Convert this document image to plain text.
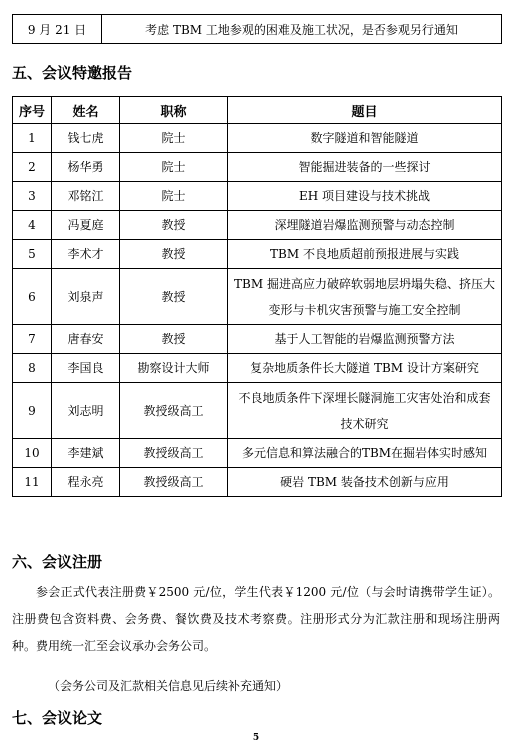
9 月 21 日	考虑 TBM 工地参观的困难及施工状况，是否参观另行通知
五、会议特邀报告
序号	姓名	职称	题目
1	钱七虎	院士	数字隧道和智能隧道
2	杨华勇	院士	智能掘进装备的一些探讨
3	邓铭江	院士	EH 项目建设与技术挑战
4	冯夏庭	教授	深埋隧道岩爆监测预警与动态控制
5	李术才	教授	TBM 不良地质超前预报进展与实践
6	刘泉声	教授	TBM 掘进高应力破碎软弱地层坍塌失稳、挤压大变形与卡机灾害预警与施工安全控制
7	唐春安	教授	基于人工智能的岩爆监测预警方法
8	李国良	勘察设计大师	复杂地质条件长大隧道 TBM 设计方案研究
9	刘志明	教授级高工	不良地质条件下深埋长隧洞施工灾害处治和成套技术研究
10	李建斌	教授级高工	多元信息和算法融合的TBM在掘岩体实时感知
11	程永亮	教授级高工	硬岩 TBM 装备技术创新与应用
六、会议注册
参会正式代表注册费￥2500 元/位，学生代表￥1200 元/位（与会时请携带学生证）。注册费包含资料费、会务费、餐饮费及技术考察费。注册形式分为汇款注册和现场注册两种。费用统一汇至会议承办会务公司。
（会务公司及汇款相关信息见后续补充通知）
七、会议论文
5
